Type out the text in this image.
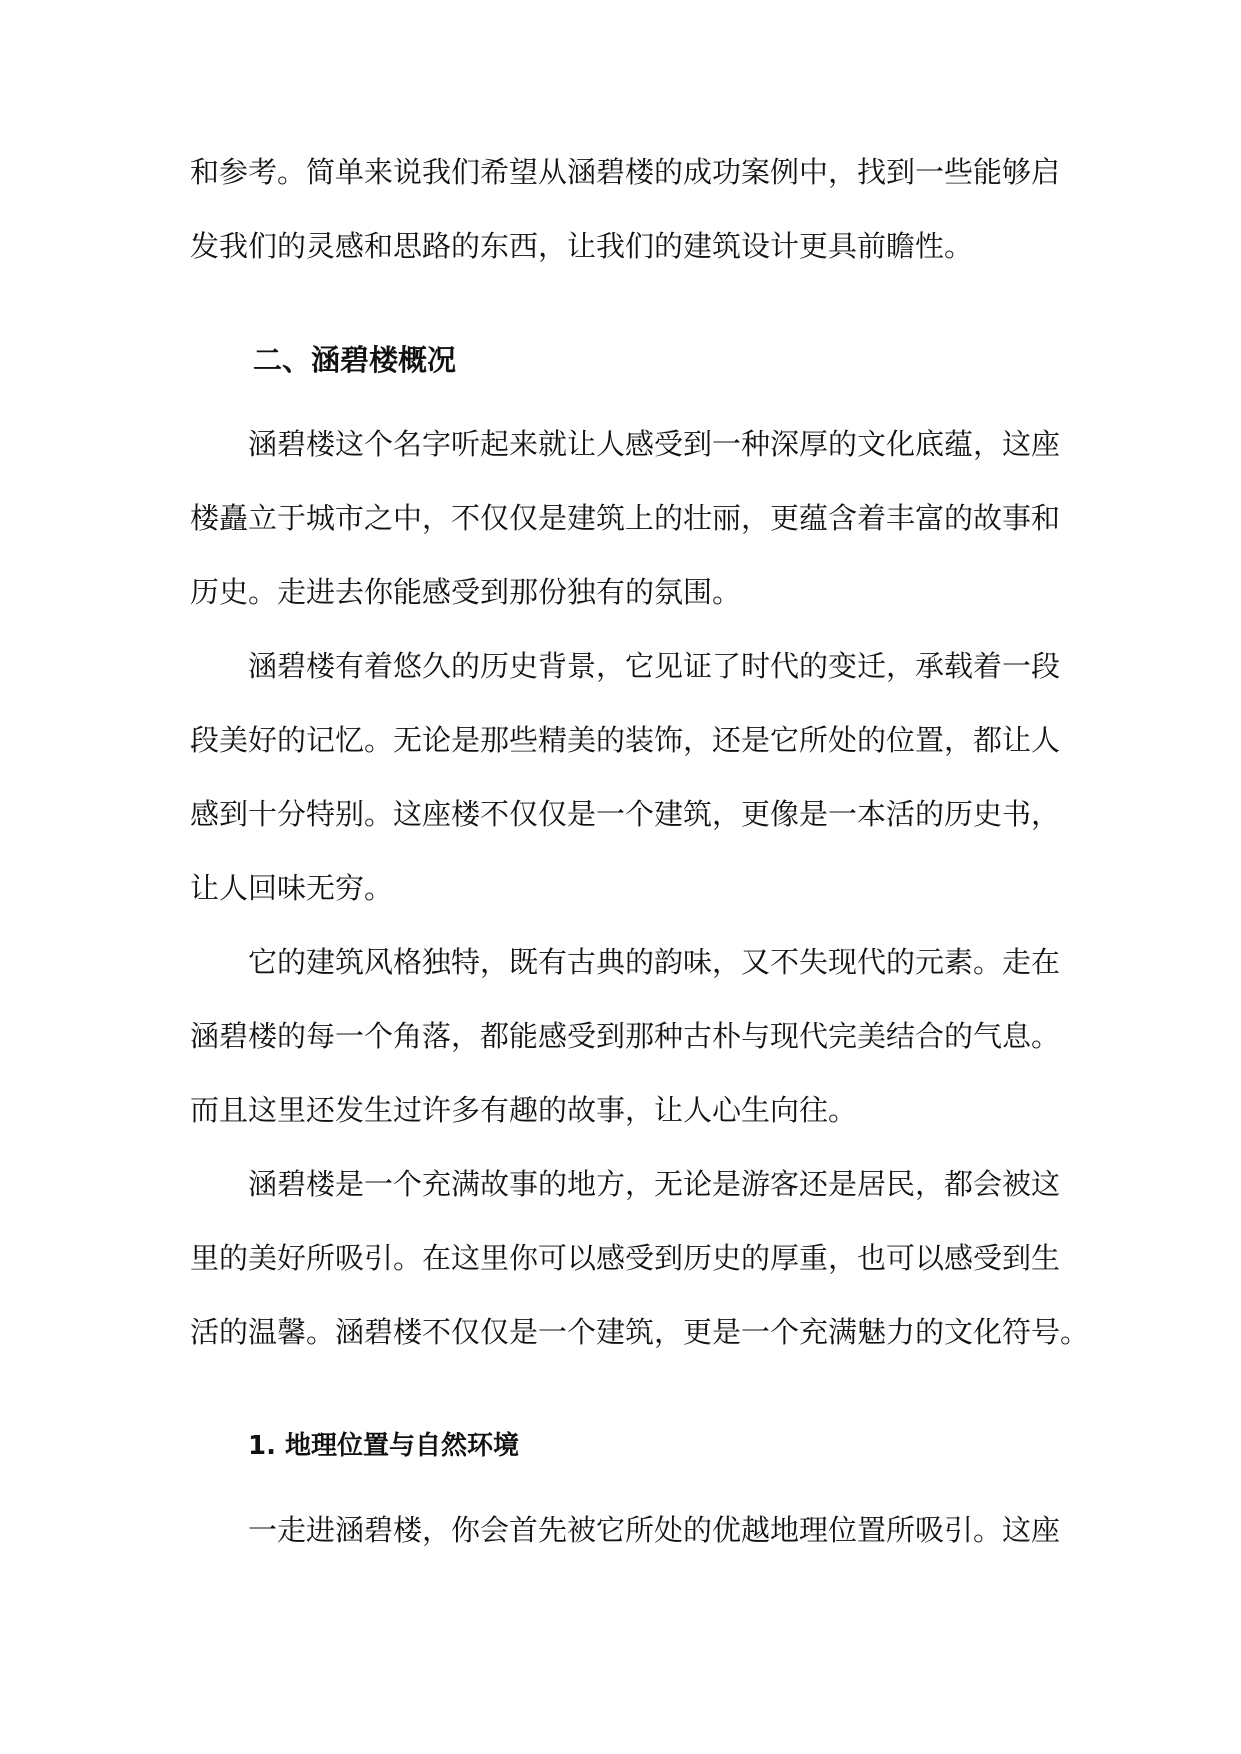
和参考。简单来说我们希望从涵碧楼的成功案例中，找到一些能够启

发我们的灵感和思路的东西，让我们的建筑设计更具前瞻性。

二、涵碧楼概况

涵碧楼这个名字听起来就让人感受到一种深厚的文化底蕴，这座

楼矗立于城市之中，不仅仅是建筑上的壮丽，更蕴含着丰富的故事和

历史。走进去你能感受到那份独有的氛围。

涵碧楼有着悠久的历史背景，它见证了时代的变迁，承载着一段

段美好的记忆。无论是那些精美的装饰，还是它所处的位置，都让人

感到十分特别。这座楼不仅仅是一个建筑，更像是一本活的历史书，

让人回味无穷。

它的建筑风格独特，既有古典的韵味，又不失现代的元素。走在

涵碧楼的每一个角落，都能感受到那种古朴与现代完美结合的气息。

而且这里还发生过许多有趣的故事，让人心生向往。

涵碧楼是一个充满故事的地方，无论是游客还是居民，都会被这

里的美好所吸引。在这里你可以感受到历史的厚重，也可以感受到生

活的温馨。涵碧楼不仅仅是一个建筑，更是一个充满魅力的文化符号。

1. 地理位置与自然环境

一走进涵碧楼，你会首先被它所处的优越地理位置所吸引。这座
